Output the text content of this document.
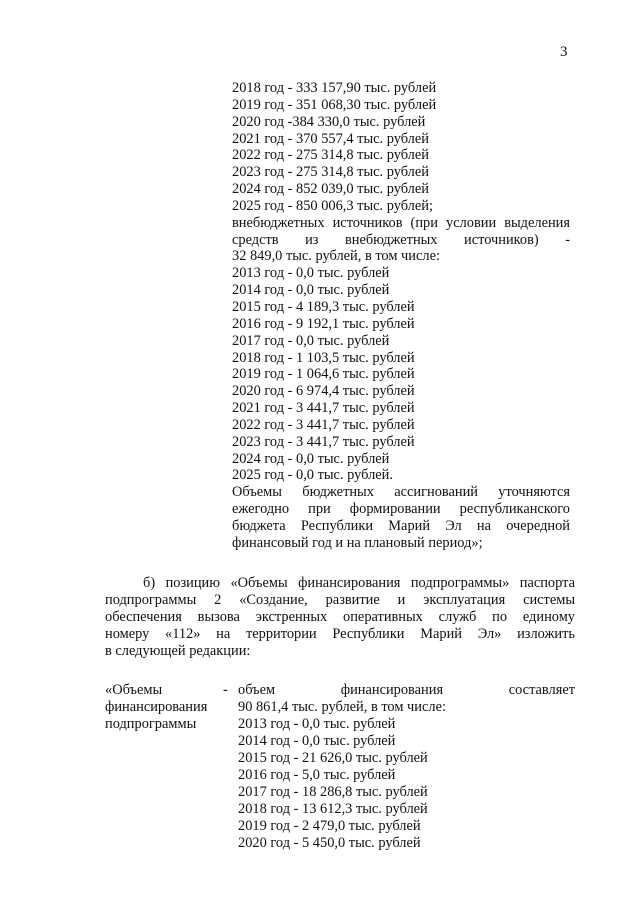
3
2018 год - 333 157,90 тыс. рублей
2019 год - 351 068,30 тыс. рублей
2020 год -384 330,0 тыс. рублей
2021 год - 370 557,4 тыс. рублей
2022 год - 275 314,8 тыс. рублей
2023 год - 275 314,8 тыс. рублей
2024 год - 852 039,0 тыс. рублей
2025 год - 850 006,3 тыс. рублей;
внебюджетных источников (при условии выделения
средств из внебюджетных источников) -
32 849,0 тыс. рублей, в том числе:
2013 год - 0,0 тыс. рублей
2014 год - 0,0 тыс. рублей
2015 год - 4 189,3 тыс. рублей
2016 год - 9 192,1 тыс. рублей
2017 год - 0,0 тыс. рублей
2018 год - 1 103,5 тыс. рублей
2019 год - 1 064,6 тыс. рублей
2020 год - 6 974,4 тыс. рублей
2021 год - 3 441,7 тыс. рублей
2022 год - 3 441,7 тыс. рублей
2023 год - 3 441,7 тыс. рублей
2024 год - 0,0 тыс. рублей
2025 год - 0,0 тыс. рублей.
Объемы бюджетных ассигнований уточняются
ежегодно при формировании республиканского
бюджета Республики Марий Эл на очередной
финансовый год и на плановый период»;
б) позицию «Объемы финансирования подпрограммы» паспорта
подпрограммы 2 «Создание, развитие и эксплуатация системы
обеспечения вызова экстренных оперативных служб по единому
номеру «112» на территории Республики Марий Эл» изложить
в следующей редакции:
«Объемы
финансирования
подпрограммы
- объем финансирования составляет
90 861,4 тыс. рублей, в том числе:
2013 год - 0,0 тыс. рублей
2014 год - 0,0 тыс. рублей
2015 год - 21 626,0 тыс. рублей
2016 год - 5,0 тыс. рублей
2017 год - 18 286,8 тыс. рублей
2018 год - 13 612,3 тыс. рублей
2019 год - 2 479,0 тыс. рублей
2020 год - 5 450,0 тыс. рублей
